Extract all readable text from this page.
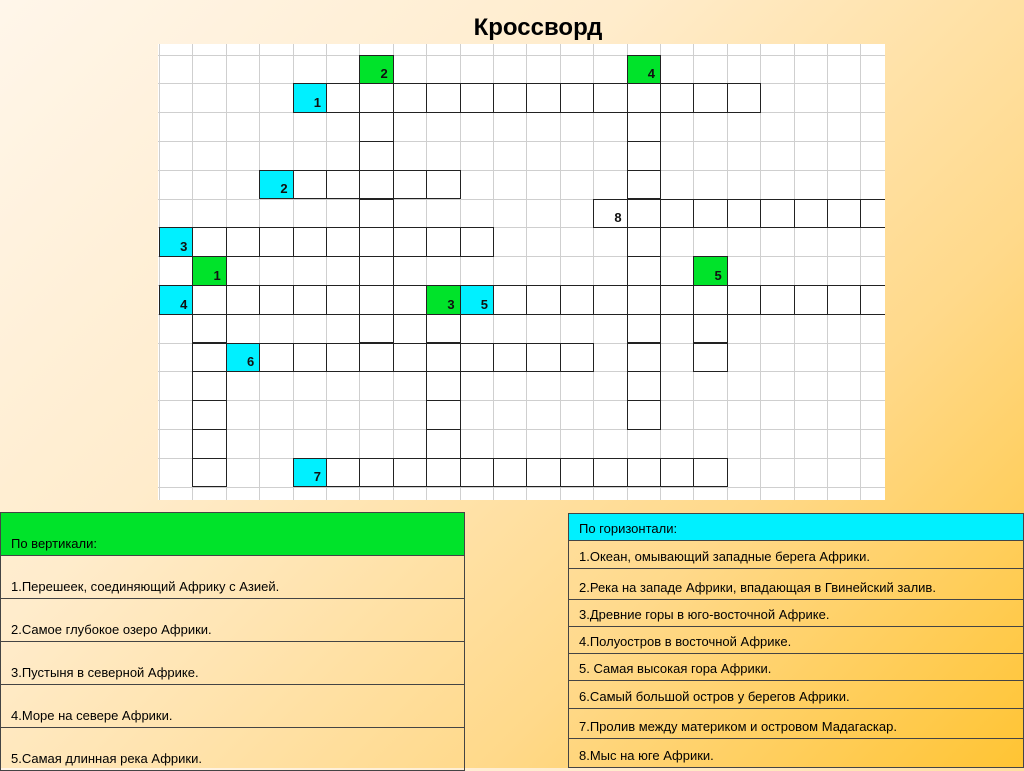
Кроссворд
1
2	4
2
8
3
1	5
4	3 5
6
7
По вертикали:
1.Перешеек, соединяющий Африку с Азией.
2.Самое глубокое озеро Африки.
3.Пустыня в северной Африке.
4.Море на севере Африки.
5.Самая длинная река Африки.
По горизонтали:
1.Океан, омывающий западные берега Африки.
2.Река на западе Африки, впадающая в Гвинейский залив.
3.Древние горы в юго-восточной Африке.
4.Полуостров в восточной Африке.
5. Самая высокая гора Африки.
6.Самый большой остров у берегов Африки.
7.Пролив между материком и островом Мадагаскар.
8.Мыс на юге Африки.
